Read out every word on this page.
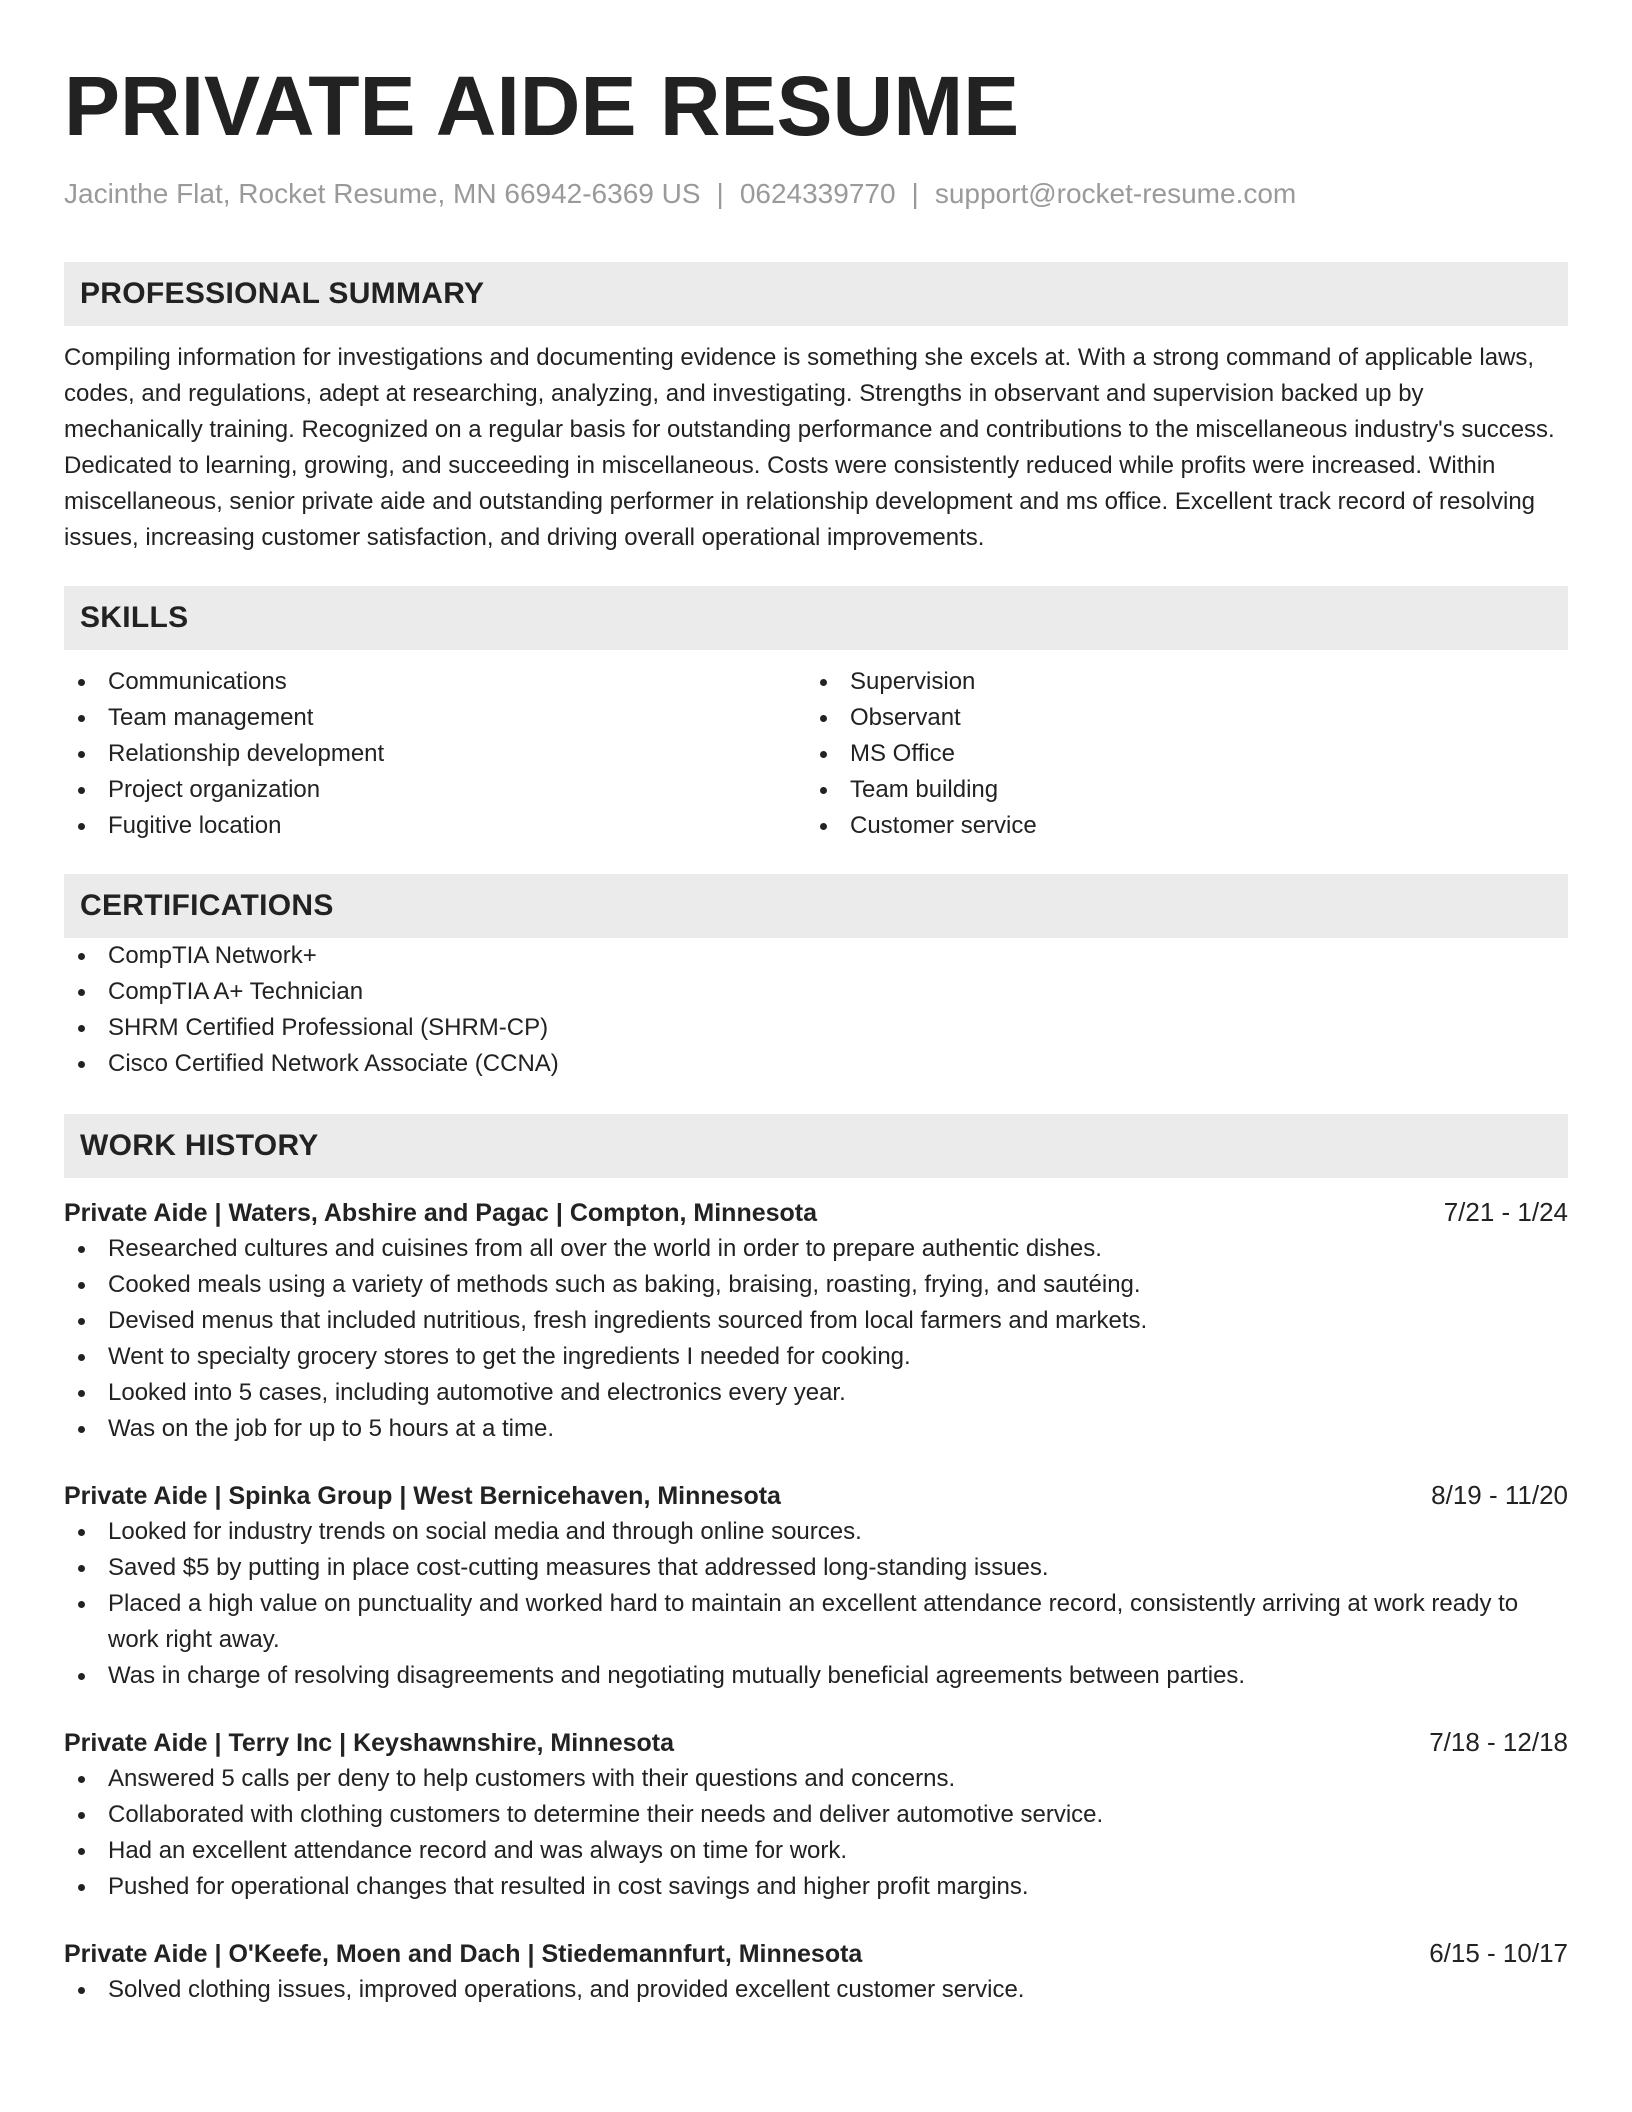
PRIVATE AIDE RESUME
Jacinthe Flat, Rocket Resume, MN 66942-6369 US | 0624339770 | support@rocket-resume.com
PROFESSIONAL SUMMARY

Compiling information for investigations and documenting evidence is something she excels at. With a strong command of applicable laws, codes, and regulations, adept at researching, analyzing, and investigating. Strengths in observant and supervision backed up by mechanically training. Recognized on a regular basis for outstanding performance and contributions to the miscellaneous industry's success. Dedicated to learning, growing, and succeeding in miscellaneous. Costs were consistently reduced while profits were increased. Within miscellaneous, senior private aide and outstanding performer in relationship development and ms office. Excellent track record of resolving issues, increasing customer satisfaction, and driving overall operational improvements.

SKILLS
Communications
Team management
Relationship development
Project organization
Fugitive location
Supervision
Observant
MS Office
Team building
Customer service
CERTIFICATIONS
CompTIA Network+
CompTIA A+ Technician
SHRM Certified Professional (SHRM-CP)
Cisco Certified Network Associate (CCNA)
WORK HISTORY
Private Aide | Waters, Abshire and Pagac | Compton, Minnesota	7/21 - 1/24
Researched cultures and cuisines from all over the world in order to prepare authentic dishes.
Cooked meals using a variety of methods such as baking, braising, roasting, frying, and sautéing.
Devised menus that included nutritious, fresh ingredients sourced from local farmers and markets.
Went to specialty grocery stores to get the ingredients I needed for cooking.
Looked into 5 cases, including automotive and electronics every year.
Was on the job for up to 5 hours at a time.
Private Aide | Spinka Group | West Bernicehaven, Minnesota	8/19 - 11/20
Looked for industry trends on social media and through online sources.
Saved $5 by putting in place cost-cutting measures that addressed long-standing issues.
Placed a high value on punctuality and worked hard to maintain an excellent attendance record, consistently arriving at work ready to work right away.
Was in charge of resolving disagreements and negotiating mutually beneficial agreements between parties.
Private Aide | Terry Inc | Keyshawnshire, Minnesota	7/18 - 12/18
Answered 5 calls per deny to help customers with their questions and concerns.
Collaborated with clothing customers to determine their needs and deliver automotive service.
Had an excellent attendance record and was always on time for work.
Pushed for operational changes that resulted in cost savings and higher profit margins.
Private Aide | O'Keefe, Moen and Dach | Stiedemannfurt, Minnesota	6/15 - 10/17
Solved clothing issues, improved operations, and provided excellent customer service.
